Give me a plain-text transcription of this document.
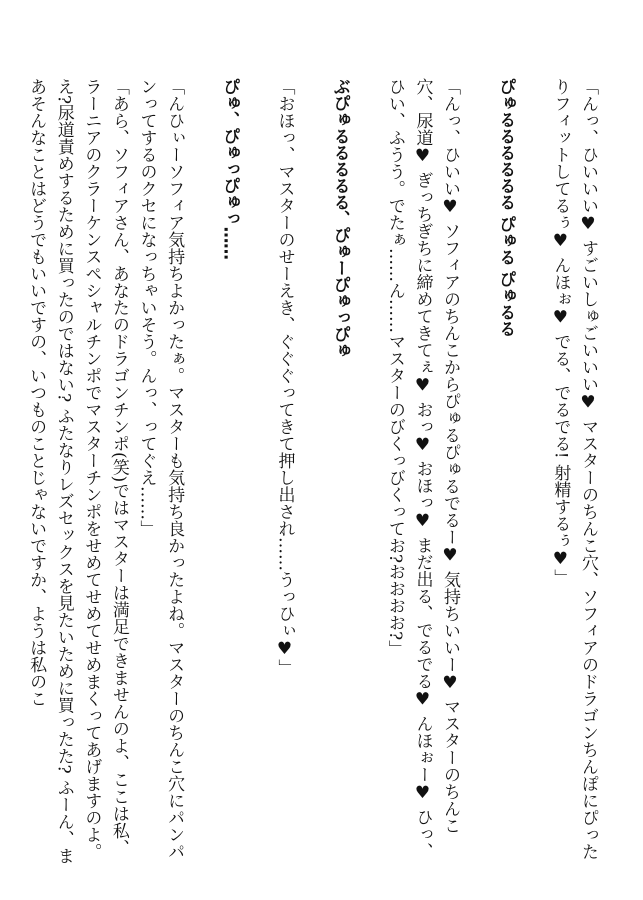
「んっ、ひいいい♥ すごいしゅごいいい♥ マスターのちんこ穴、ソフィアのドラゴンちんぽにぴったりフィットしてるぅ♥ んほぉ♥ でる、でるでる! 射精するぅ♥」

ぴゅるるるるるる ぴゅる ぴゅるる

「んっ、ひいい♥ ソフィアのちんこからぴゅるぴゅるでるー♥ 気持ちいいー♥ マスターのちんこ穴、尿道♥ ぎっちぎちに締めてきてぇ♥ おっ♥ おほっ♥ まだ出る、でるでる♥ んほぉー♥ ひっ、ひい、ふうう。でたぁ……ん……マスターのびくっびくってお?おおおお?」

ぶぴゅるるるるる、ぴゅーぴゅっぴゅ

「おほっ、マスターのせーえき、ぐぐぐってきて押し出され……うっひぃ♥」

ぴゅ、ぴゅっぴゅっ……

「んひぃーソフィア気持ちよかったぁ。マスターも気持ち良かったよね。マスターのちんこ穴にパンパンってするのクセになっちゃいそう。んっ、ってぐえ……」

「あら、ソフィアさん、あなたのドラゴンチンポ(笑)ではマスターは満足できませんのよ、ここは私、ラーニアのクラーケンスペシャルチンポでマスターチンポをせめてせめてせめまくってあげますのよ。え?尿道責めするために買ったのではない? ふたなりレズセックスを見たいために買ったた? ふーん、まあそんなことはどうでもいいですの、いつものことじゃないですか、ようは私のこ
